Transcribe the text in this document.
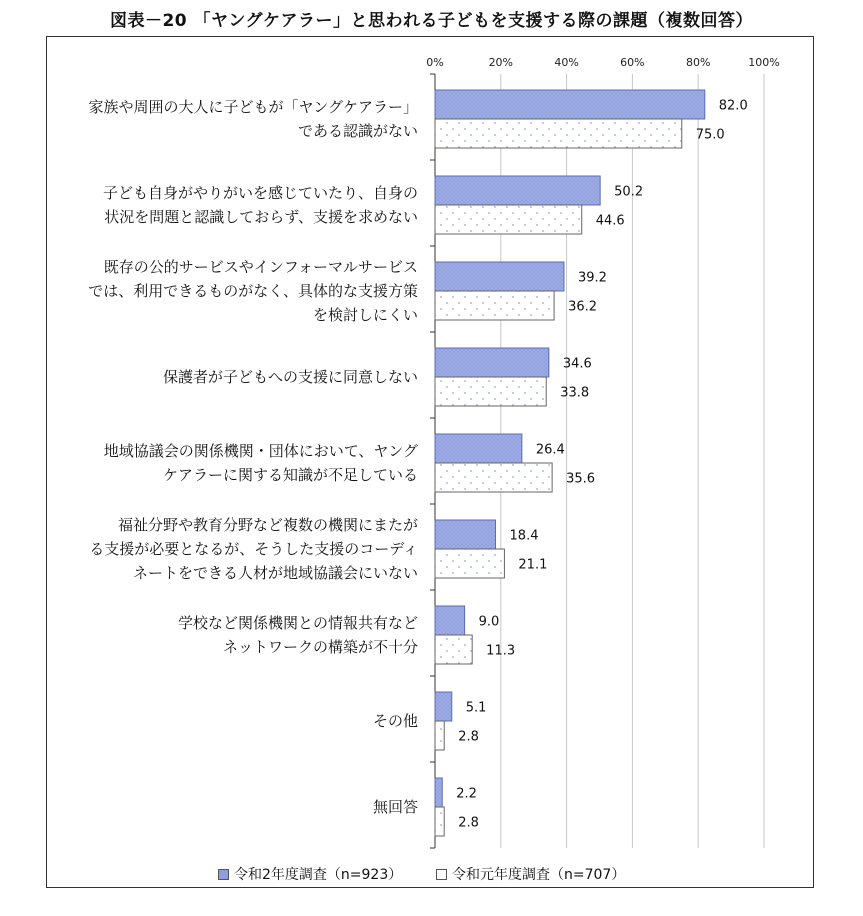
図表－20 「ヤングケアラー」と思われる子どもを支援する際の課題（複数回答）
0%	20%	40%	60%	80%	100%
82.0
75.0
家族や周囲の大人に子どもが「ヤングケアラー」
である認識がない
50.2
44.6
子ども自身がやりがいを感じていたり、自身の
状況を問題と認識しておらず、支援を求めない
39.2
36.2
既存の公的サービスやインフォーマルサービス
では、利用できるものがなく、具体的な支援方策
を検討しにくい
34.6
33.8
保護者が子どもへの支援に同意しない
26.4
35.6
地域協議会の関係機関・団体において、ヤング
ケアラーに関する知識が不足している
18.4
21.1
福祉分野や教育分野など複数の機関にまたが
る支援が必要となるが、そうした支援のコーディ
ネートをできる人材が地域協議会にいない
9.0
11.3
学校など関係機関との情報共有など
ネットワークの構築が不十分
5.1
2.8
その他
2.2
2.8
無回答
令和2年度調査（n=923）	令和元年度調査（n=707）
